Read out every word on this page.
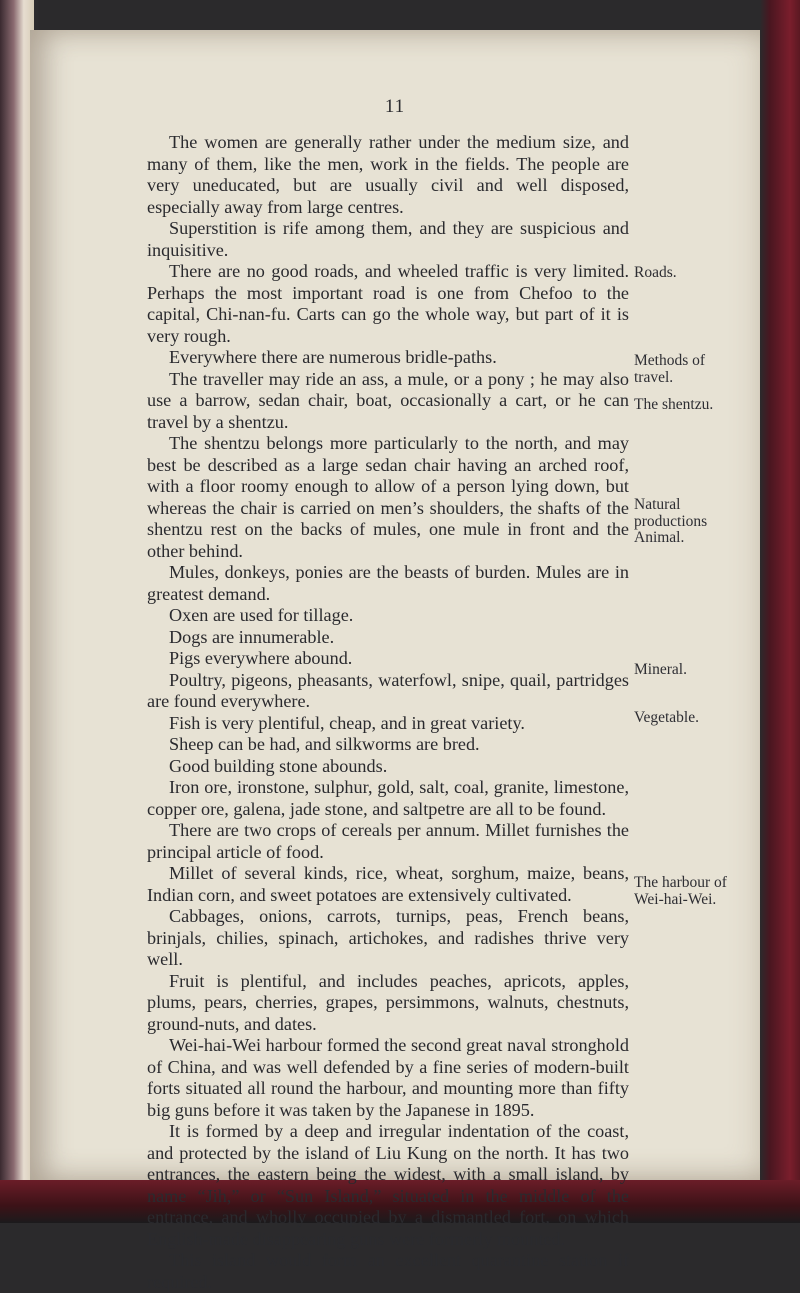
11

The women are generally rather under the medium size, and many of them, like the men, work in the fields. The people are very uneducated, but are usually civil and well disposed, especially away from large centres.

Superstition is rife among them, and they are suspicious and inquisitive.

There are no good roads, and wheeled traffic is very limited. Perhaps the most important road is one from Chefoo to the capital, Chi-nan-fu. Carts can go the whole way, but part of it is very rough.

Everywhere there are numerous bridle-paths.

The traveller may ride an ass, a mule, or a pony ; he may also use a barrow, sedan chair, boat, occasionally a cart, or he can travel by a shentzu.

The shentzu belongs more particularly to the north, and may best be described as a large sedan chair having an arched roof, with a floor roomy enough to allow of a person lying down, but whereas the chair is carried on men’s shoulders, the shafts of the shentzu rest on the backs of mules, one mule in front and the other behind.

Mules, donkeys, ponies are the beasts of burden. Mules are in greatest demand.

Oxen are used for tillage.

Dogs are innumerable.

Pigs everywhere abound.

Poultry, pigeons, pheasants, waterfowl, snipe, quail, partridges are found everywhere.

Fish is very plentiful, cheap, and in great variety.

Sheep can be had, and silkworms are bred.

Good building stone abounds.

Iron ore, ironstone, sulphur, gold, salt, coal, granite, limestone, copper ore, galena, jade stone, and saltpetre are all to be found.

There are two crops of cereals per annum. Millet furnishes the principal article of food.

Millet of several kinds, rice, wheat, sorghum, maize, beans, Indian corn, and sweet potatoes are extensively cultivated.

Cabbages, onions, carrots, turnips, peas, French beans, brinjals, chilies, spinach, artichokes, and radishes thrive very well.

Fruit is plentiful, and includes peaches, apricots, apples, plums, pears, cherries, grapes, persimmons, walnuts, chestnuts, ground-nuts, and dates.

Wei-hai-Wei harbour formed the second great naval stronghold of China, and was well defended by a fine series of modern-built forts situated all round the harbour, and mounting more than fifty big guns before it was taken by the Japanese in 1895.

It is formed by a deep and irregular indentation of the coast, and protected by the island of Liu Kung on the north. It has two entrances, the eastern being the widest, with a small island, by name “Jih,” or “Sun Island,” situated in the middle of the entrance, and wholly occupied by a dismantled fort, on which English-made disappearing guns were formerly mounted.

This island would form an excellent quarantine station if required.

Roads.
Methods of travel.
The shentzu.
Natural productions Animal.
Mineral.
Vegetable.
The harbour of Wei-hai-Wei.
